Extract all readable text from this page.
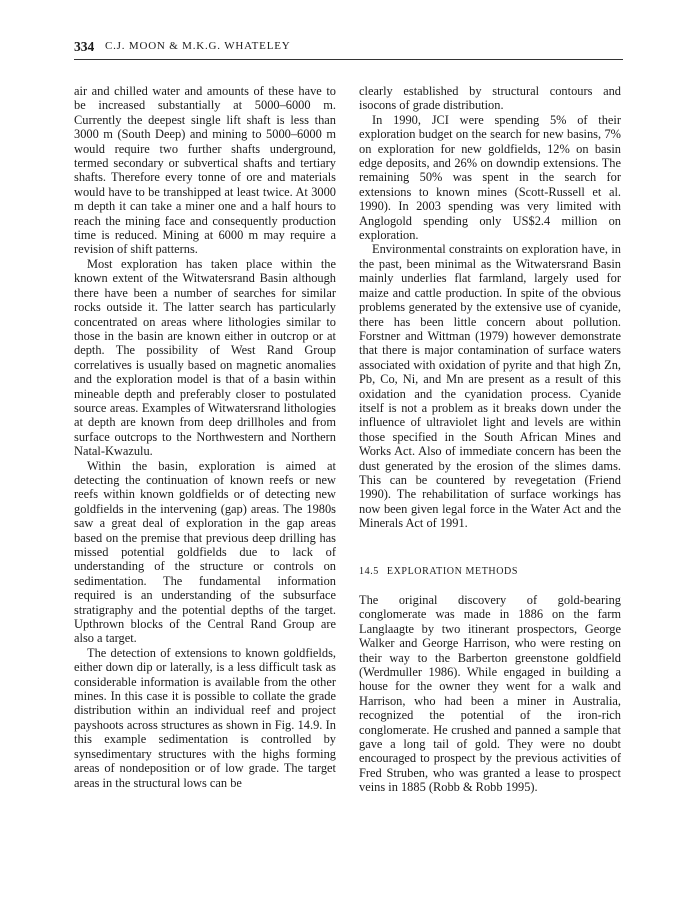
334 C.J. MOON & M.K.G. WHATELEY

air and chilled water and amounts of these have to be increased substantially at 5000–6000 m. Currently the deepest single lift shaft is less than 3000 m (South Deep) and mining to 5000–6000 m would require two further shafts underground, termed secondary or subvertical shafts and tertiary shafts. Therefore every tonne of ore and materials would have to be transhipped at least twice. At 3000 m depth it can take a miner one and a half hours to reach the mining face and consequently production time is reduced. Mining at 6000 m may require a revision of shift patterns.

Most exploration has taken place within the known extent of the Witwatersrand Basin although there have been a number of searches for similar rocks outside it. The latter search has particularly concentrated on areas where lithologies similar to those in the basin are known either in outcrop or at depth. The possibility of West Rand Group correlatives is usually based on magnetic anomalies and the exploration model is that of a basin within mineable depth and preferably closer to postulated source areas. Examples of Witwatersrand lithologies at depth are known from deep drillholes and from surface outcrops to the Northwestern and Northern Natal-Kwazulu.

Within the basin, exploration is aimed at detecting the continuation of known reefs or new reefs within known goldfields or of detecting new goldfields in the intervening (gap) areas. The 1980s saw a great deal of exploration in the gap areas based on the premise that previous deep drilling has missed potential goldfields due to lack of understanding of the structure or controls on sedimentation. The fundamental information required is an understanding of the subsurface stratigraphy and the potential depths of the target. Upthrown blocks of the Central Rand Group are also a target.

The detection of extensions to known goldfields, either down dip or laterally, is a less difficult task as considerable information is available from the other mines. In this case it is possible to collate the grade distribution within an individual reef and project payshoots across structures as shown in Fig. 14.9. In this example sedimentation is controlled by synsedimentary structures with the highs forming areas of nondeposition or of low grade. The target areas in the structural lows can be

clearly established by structural contours and isocons of grade distribution.

In 1990, JCI were spending 5% of their exploration budget on the search for new basins, 7% on exploration for new goldfields, 12% on basin edge deposits, and 26% on downdip extensions. The remaining 50% was spent in the search for extensions to known mines (Scott-Russell et al. 1990). In 2003 spending was very limited with Anglogold spending only US$2.4 million on exploration.

Environmental constraints on exploration have, in the past, been minimal as the Witwatersrand Basin mainly underlies flat farmland, largely used for maize and cattle production. In spite of the obvious problems generated by the extensive use of cyanide, there has been little concern about pollution. Forstner and Wittman (1979) however demonstrate that there is major contamination of surface waters associated with oxidation of pyrite and that high Zn, Pb, Co, Ni, and Mn are present as a result of this oxidation and the cyanidation process. Cyanide itself is not a problem as it breaks down under the influence of ultraviolet light and levels are within those specified in the South African Mines and Works Act. Also of immediate concern has been the dust generated by the erosion of the slimes dams. This can be countered by revegetation (Friend 1990). The rehabilitation of surface workings has now been given legal force in the Water Act and the Minerals Act of 1991.

14.5 EXPLORATION METHODS

The original discovery of gold-bearing conglomerate was made in 1886 on the farm Langlaagte by two itinerant prospectors, George Walker and George Harrison, who were resting on their way to the Barberton greenstone goldfield (Werdmuller 1986). While engaged in building a house for the owner they went for a walk and Harrison, who had been a miner in Australia, recognized the potential of the iron-rich conglomerate. He crushed and panned a sample that gave a long tail of gold. They were no doubt encouraged to prospect by the previous activities of Fred Struben, who was granted a lease to prospect veins in 1885 (Robb & Robb 1995).
